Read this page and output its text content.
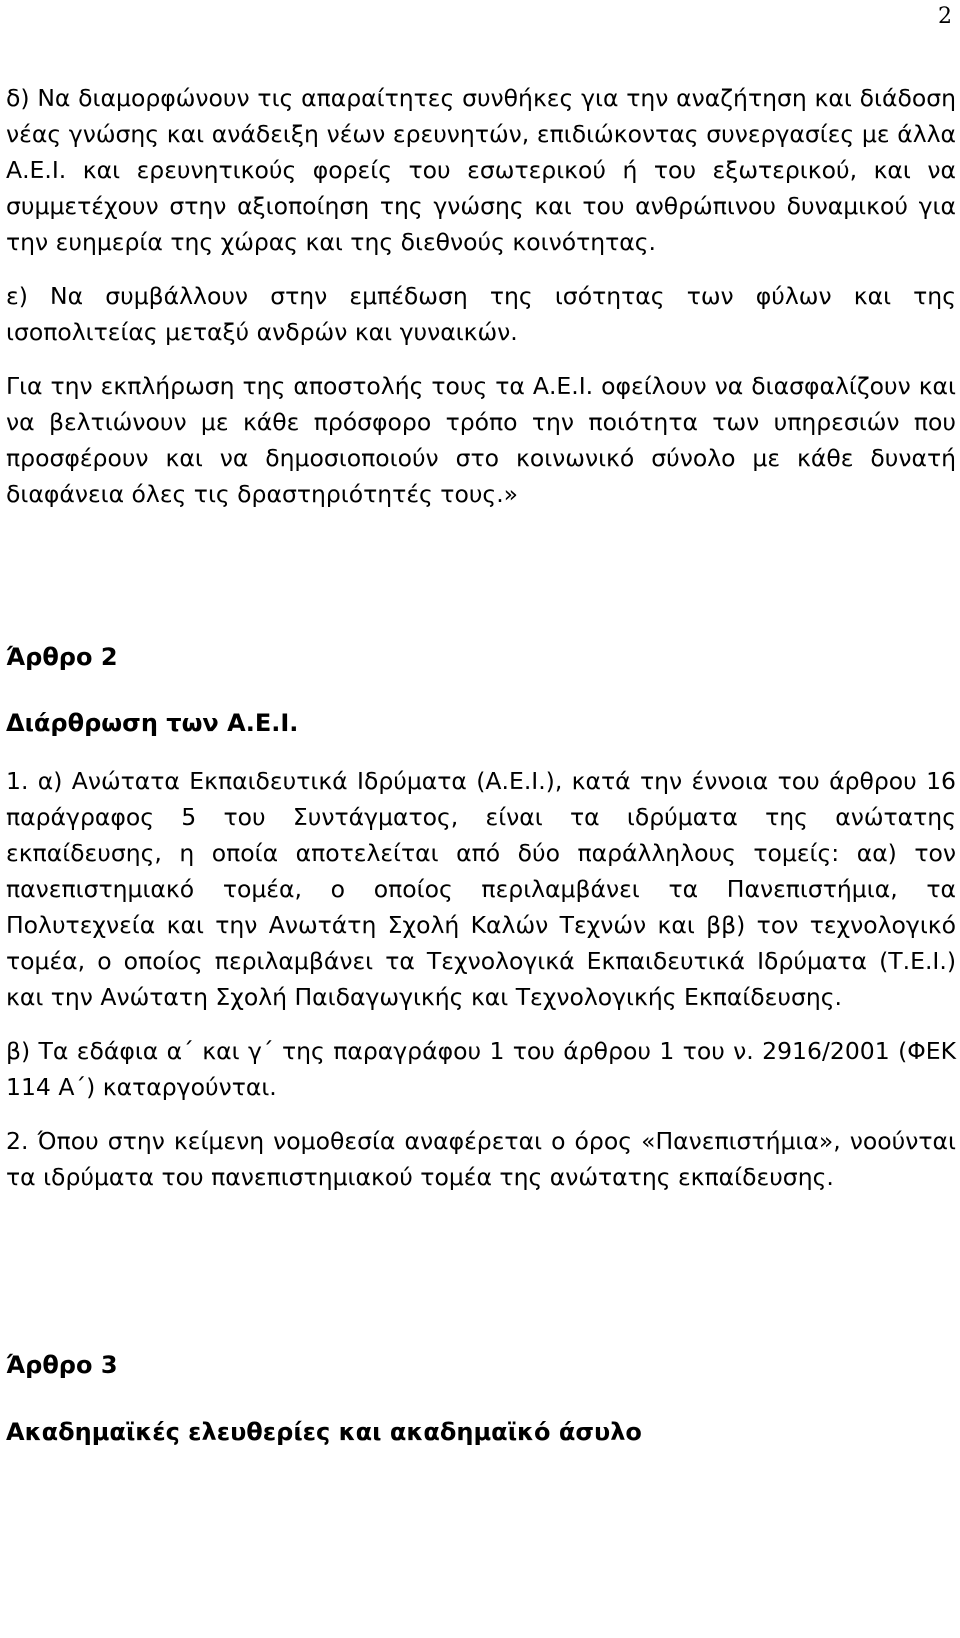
2

δ) Να διαμορφώνουν τις απαραίτητες συνθήκες για την αναζήτηση και διάδοση νέας γνώσης και ανάδειξη νέων ερευνητών, επιδιώκοντας συνεργασίες με άλλα Α.Ε.Ι. και ερευνητικούς φορείς του εσωτερικού ή του εξωτερικού, και να συμμετέχουν στην αξιοποίηση της γνώσης και του ανθρώπινου δυναμικού για την ευημερία της χώρας και της διεθνούς κοινότητας.

ε) Να συμβάλλουν στην εμπέδωση της ισότητας των φύλων και της ισοπολιτείας μεταξύ ανδρών και γυναικών.

Για την εκπλήρωση της αποστολής τους τα Α.Ε.Ι. οφείλουν να διασφαλίζουν και να βελτιώνουν με κάθε πρόσφορο τρόπο την ποιότητα των υπηρεσιών που προσφέρουν και να δημοσιοποιούν στο κοινωνικό σύνολο με κάθε δυνατή διαφάνεια όλες τις δραστηριότητές τους.»

Άρθρο 2
Διάρθρωση των Α.Ε.Ι.

1. α) Ανώτατα Εκπαιδευτικά Ιδρύματα (Α.Ε.Ι.), κατά την έννοια του άρθρου 16 παράγραφος 5 του Συντάγματος, είναι τα ιδρύματα της ανώτατης εκπαίδευσης, η οποία αποτελείται από δύο παράλληλους τομείς: αα) τον πανεπιστημιακό τομέα, ο οποίος περιλαμβάνει τα Πανεπιστήμια, τα Πολυτεχνεία και την Ανωτάτη Σχολή Καλών Τεχνών και ββ) τον τεχνολογικό τομέα, ο οποίος περιλαμβάνει τα Τεχνολογικά Εκπαιδευτικά Ιδρύματα (Τ.Ε.Ι.) και την Ανώτατη Σχολή Παιδαγωγικής και Τεχνολογικής Εκπαίδευσης.

β) Τα εδάφια α΄ και γ΄ της παραγράφου 1 του άρθρου 1 του ν. 2916/2001 (ΦΕΚ 114 Α΄) καταργούνται.

2. Όπου στην κείμενη νομοθεσία αναφέρεται ο όρος «Πανεπιστήμια», νοούνται τα ιδρύματα του πανεπιστημιακού τομέα της ανώτατης εκπαίδευσης.

Άρθρο 3
Ακαδημαϊκές ελευθερίες και ακαδημαϊκό άσυλο
